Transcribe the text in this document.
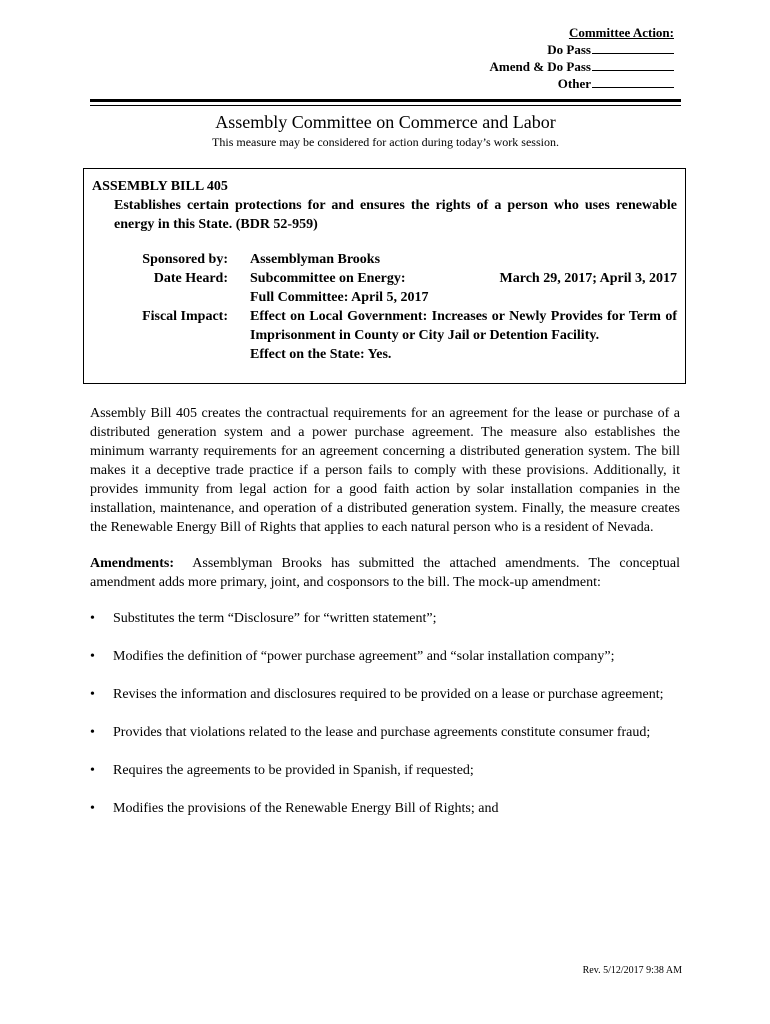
Committee Action:
Do Pass
Amend & Do Pass
Other
Assembly Committee on Commerce and Labor
This measure may be considered for action during today’s work session.

ASSEMBLY BILL 405

Establishes certain protections for and ensures the rights of a person who uses renewable energy in this State. (BDR 52-959)

Sponsored by: Assemblyman Brooks
Date Heard: Subcommittee on Energy:	March 29, 2017; April 3, 2017
Full Committee: April 5, 2017
Fiscal Impact: Effect on Local Government: Increases or Newly Provides for Term of Imprisonment in County or City Jail or Detention Facility.
Effect on the State: Yes.

Assembly Bill 405 creates the contractual requirements for an agreement for the lease or purchase of a distributed generation system and a power purchase agreement. The measure also establishes the minimum warranty requirements for an agreement concerning a distributed generation system. The bill makes it a deceptive trade practice if a person fails to comply with these provisions. Additionally, it provides immunity from legal action for a good faith action by solar installation companies in the installation, maintenance, and operation of a distributed generation system. Finally, the measure creates the Renewable Energy Bill of Rights that applies to each natural person who is a resident of Nevada.

Amendments: Assemblyman Brooks has submitted the attached amendments. The conceptual amendment adds more primary, joint, and cosponsors to the bill. The mock-up amendment:

• Substitutes the term “Disclosure” for “written statement”;
• Modifies the definition of “power purchase agreement” and “solar installation company”;
• Revises the information and disclosures required to be provided on a lease or purchase agreement;
• Provides that violations related to the lease and purchase agreements constitute consumer fraud;
• Requires the agreements to be provided in Spanish, if requested;
• Modifies the provisions of the Renewable Energy Bill of Rights; and
Rev. 5/12/2017 9:38 AM
